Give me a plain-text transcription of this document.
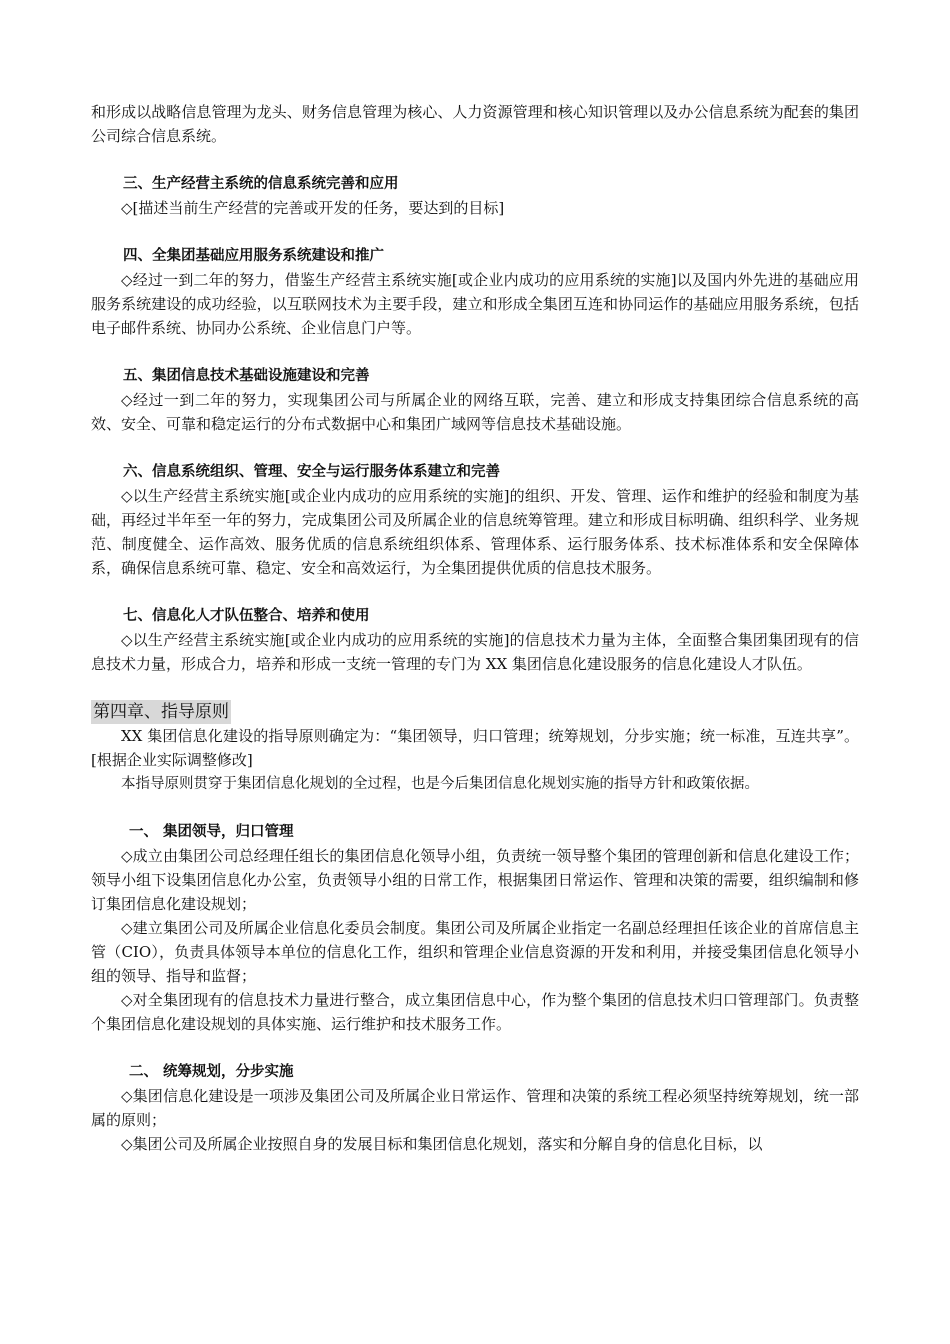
和形成以战略信息管理为龙头、财务信息管理为核心、人力资源管理和核心知识管理以及办公信息系统为配套的集团公司综合信息系统。

三、生产经营主系统的信息系统完善和应用

◇[描述当前生产经营的完善或开发的任务，要达到的目标]

四、全集团基础应用服务系统建设和推广

◇经过一到二年的努力，借鉴生产经营主系统实施[或企业内成功的应用系统的实施]以及国内外先进的基础应用服务系统建设的成功经验，以互联网技术为主要手段，建立和形成全集团互连和协同运作的基础应用服务系统，包括电子邮件系统、协同办公系统、企业信息门户等。

五、集团信息技术基础设施建设和完善

◇经过一到二年的努力，实现集团公司与所属企业的网络互联，完善、建立和形成支持集团综合信息系统的高效、安全、可靠和稳定运行的分布式数据中心和集团广域网等信息技术基础设施。

六、信息系统组织、管理、安全与运行服务体系建立和完善

◇以生产经营主系统实施[或企业内成功的应用系统的实施]的组织、开发、管理、运作和维护的经验和制度为基础，再经过半年至一年的努力，完成集团公司及所属企业的信息统筹管理。建立和形成目标明确、组织科学、业务规范、制度健全、运作高效、服务优质的信息系统组织体系、管理体系、运行服务体系、技术标准体系和安全保障体系，确保信息系统可靠、稳定、安全和高效运行，为全集团提供优质的信息技术服务。

七、信息化人才队伍整合、培养和使用

◇以生产经营主系统实施[或企业内成功的应用系统的实施]的信息技术力量为主体，全面整合集团集团现有的信息技术力量，形成合力，培养和形成一支统一管理的专门为 XX 集团信息化建设服务的信息化建设人才队伍。

第四章、指导原则

XX 集团信息化建设的指导原则确定为：“集团领导，归口管理；统筹规划，分步实施；统一标准，互连共享”。[根据企业实际调整修改]

本指导原则贯穿于集团信息化规划的全过程，也是今后集团信息化规划实施的指导方针和政策依据。

一、 集团领导，归口管理

◇成立由集团公司总经理任组长的集团信息化领导小组，负责统一领导整个集团的管理创新和信息化建设工作；领导小组下设集团信息化办公室，负责领导小组的日常工作，根据集团日常运作、管理和决策的需要，组织编制和修订集团信息化建设规划；

◇建立集团公司及所属企业信息化委员会制度。集团公司及所属企业指定一名副总经理担任该企业的首席信息主管（CIO），负责具体领导本单位的信息化工作，组织和管理企业信息资源的开发和利用，并接受集团信息化领导小组的领导、指导和监督；

◇对全集团现有的信息技术力量进行整合，成立集团信息中心，作为整个集团的信息技术归口管理部门。负责整个集团信息化建设规划的具体实施、运行维护和技术服务工作。

二、 统筹规划，分步实施

◇集团信息化建设是一项涉及集团公司及所属企业日常运作、管理和决策的系统工程必须坚持统筹规划，统一部属的原则；

◇集团公司及所属企业按照自身的发展目标和集团信息化规划，落实和分解自身的信息化目标，以
